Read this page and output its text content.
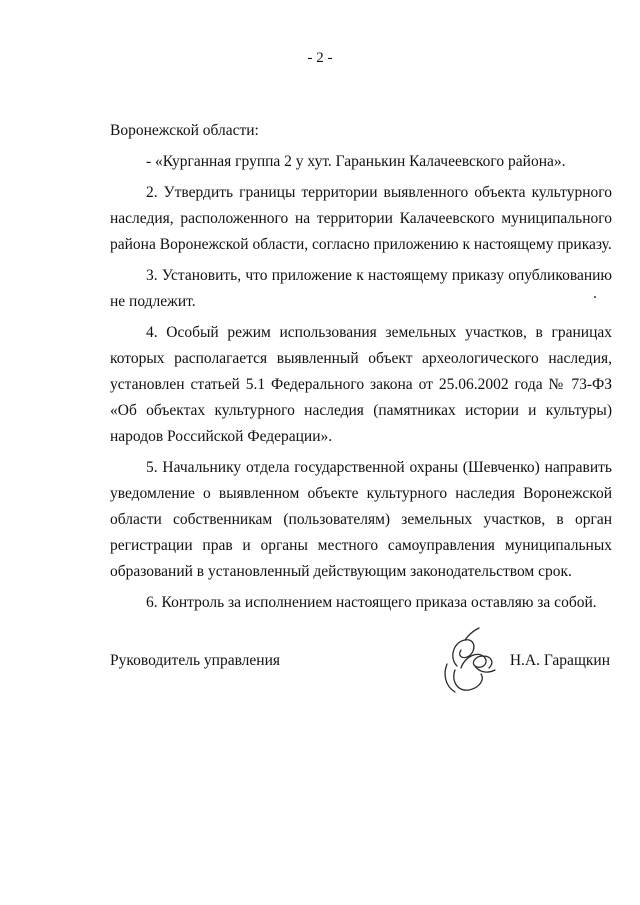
- 2 -

Воронежской области:

- «Курганная группа 2 у хут. Гаранькин Калачеевского района».

2. Утвердить границы территории выявленного объекта культурного наследия, расположенного на территории Калачеевского муниципального района Воронежской области, согласно приложению к настоящему приказу.

3. Установить, что приложение к настоящему приказу опубликованию не подлежит.

4. Особый режим использования земельных участков, в границах которых располагается выявленный объект археологического наследия, установлен статьей 5.1 Федерального закона от 25.06.2002 года № 73-ФЗ «Об объектах культурного наследия (памятниках истории и культуры) народов Российской Федерации».

5. Начальнику отдела государственной охраны (Шевченко) направить уведомление о выявленном объекте культурного наследия Воронежской области собственникам (пользователям) земельных участков, в орган регистрации прав и органы местного самоуправления муниципальных образований в установленный действующим законодательством срок.

6. Контроль за исполнением настоящего приказа оставляю за собой.

Руководитель управления	Н.А. Гаращкин
